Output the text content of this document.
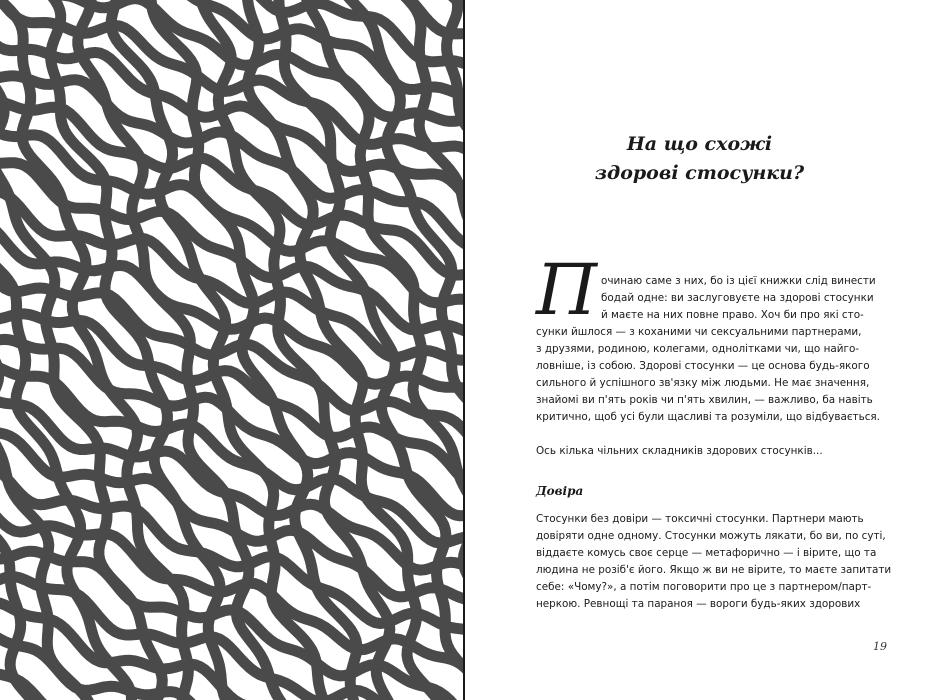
На що схожі
здорові стосунки?
П очинаю саме з них, бо із цієї книжки слід винести
бодай одне: ви заслуговуєте на здорові стосунки
й маєте на них повне право. Хоч би про які сто-
сунки йшлося — з коханими чи сексуальними партнерами,
з друзями, родиною, колегами, однолітками чи, що найго-
ловніше, із собою. Здорові стосунки — це основа будь-якого
сильного й успішного зв'язку між людьми. Не має значення,
знайомі ви п'ять років чи п'ять хвилин, — важливо, ба навіть
критично, щоб усі були щасливі та розуміли, що відбувається.
Ось кілька чільних складників здорових стосунків...
Стосунки без довіри — токсичні стосунки. Партнери мають
довіряти одне одному. Стосунки можуть лякати, бо ви, по суті,
віддаєте комусь своє серце — метафорично — і вірите, що та
людина не розіб'є його. Якщо ж ви не вірите, то маєте запитати
себе: «Чому?», а потім поговорити про це з партнером/парт-
неркою. Ревнощі та параноя — вороги будь-яких здорових
Довіра
19
